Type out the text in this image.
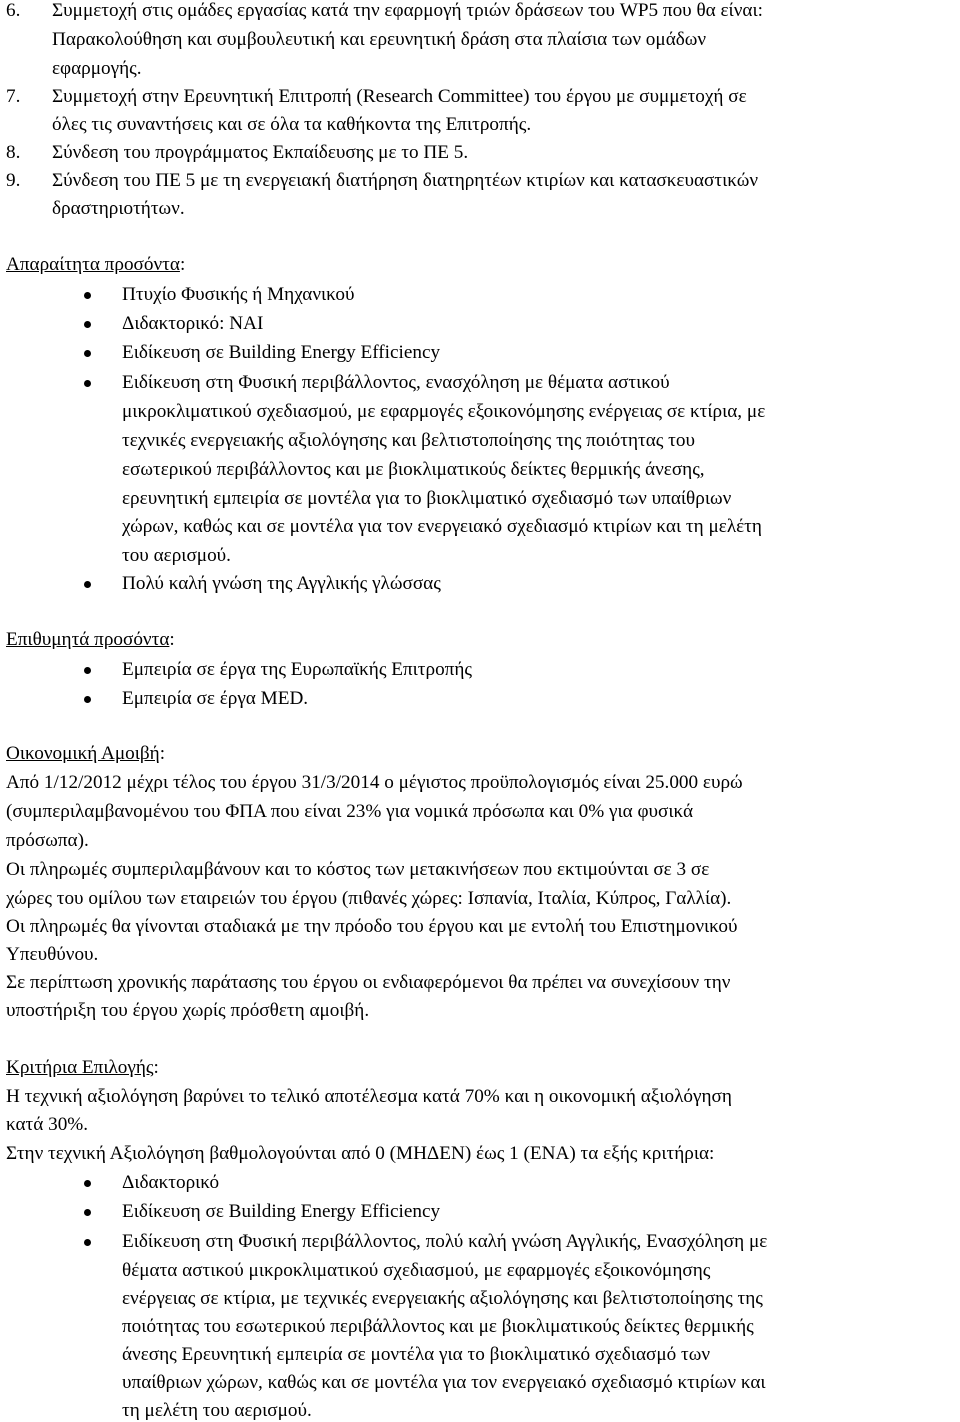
6. Συμμετοχή στις ομάδες εργασίας κατά την εφαρμογή τριών δράσεων του WP5 που θα είναι:
Παρακολούθηση και συμβουλευτική και ερευνητική δράση στα πλαίσια των ομάδων
εφαρμογής.
7. Συμμετοχή στην Ερευνητική Επιτροπή (Research Committee) του έργου με συμμετοχή σε
όλες τις συναντήσεις και σε όλα τα καθήκοντα της Επιτροπής.
8. Σύνδεση του προγράμματος Εκπαίδευσης με το ΠΕ 5.
9. Σύνδεση του ΠΕ 5 με τη ενεργειακή διατήρηση διατηρητέων κτιρίων και κατασκευαστικών
δραστηριοτήτων.
Απαραίτητα προσόντα:
Πτυχίο Φυσικής ή Μηχανικού
Διδακτορικό: ΝΑΙ
Ειδίκευση σε Building Energy Efficiency
Ειδίκευση στη Φυσική περιβάλλοντος, ενασχόληση με θέματα αστικού
μικροκλιματικού σχεδιασμού, με εφαρμογές εξοικονόμησης ενέργειας σε κτίρια, με
τεχνικές ενεργειακής αξιολόγησης και βελτιστοποίησης της ποιότητας του
εσωτερικού περιβάλλοντος και με βιοκλιματικούς δείκτες θερμικής άνεσης,
ερευνητική εμπειρία σε μοντέλα για το βιοκλιματικό σχεδιασμό των υπαίθριων
χώρων, καθώς και σε μοντέλα για τον ενεργειακό σχεδιασμό κτιρίων και τη μελέτη
του αερισμού.
Πολύ καλή γνώση της Αγγλικής γλώσσας
Επιθυμητά προσόντα:
Εμπειρία σε έργα της Ευρωπαϊκής Επιτροπής
Εμπειρία σε έργα MED.
Οικονομική Αμοιβή:
Από 1/12/2012 μέχρι τέλος του έργου 31/3/2014 ο μέγιστος προϋπολογισμός είναι 25.000 ευρώ
(συμπεριλαμβανομένου του ΦΠΑ που είναι 23% για νομικά πρόσωπα και 0% για φυσικά
πρόσωπα).
Οι πληρωμές συμπεριλαμβάνουν και το κόστος των μετακινήσεων που εκτιμούνται σε 3 σε
χώρες του ομίλου των εταιρειών του έργου (πιθανές χώρες: Ισπανία, Ιταλία, Κύπρος, Γαλλία).
Οι πληρωμές θα γίνονται σταδιακά με την πρόοδο του έργου και με εντολή του Επιστημονικού
Υπευθύνου.
Σε περίπτωση χρονικής παράτασης του έργου οι ενδιαφερόμενοι θα πρέπει να συνεχίσουν την
υποστήριξη του έργου χωρίς πρόσθετη αμοιβή.
Κριτήρια Επιλογής:
Η τεχνική αξιολόγηση βαρύνει το τελικό αποτέλεσμα κατά 70% και η οικονομική αξιολόγηση
κατά 30%.
Στην τεχνική Αξιολόγηση βαθμολογούνται από 0 (ΜΗΔΕΝ) έως 1 (ΕΝΑ) τα εξής κριτήρια:
Διδακτορικό
Ειδίκευση σε Building Energy Efficiency
Ειδίκευση στη Φυσική περιβάλλοντος, πολύ καλή γνώση Αγγλικής, Ενασχόληση με
θέματα αστικού μικροκλιματικού σχεδιασμού, με εφαρμογές εξοικονόμησης
ενέργειας σε κτίρια, με τεχνικές ενεργειακής αξιολόγησης και βελτιστοποίησης της
ποιότητας του εσωτερικού περιβάλλοντος και με βιοκλιματικούς δείκτες θερμικής
άνεσης Ερευνητική εμπειρία σε μοντέλα για το βιοκλιματικό σχεδιασμό των
υπαίθριων χώρων, καθώς και σε μοντέλα για τον ενεργειακό σχεδιασμό κτιρίων και
τη μελέτη του αερισμού.
